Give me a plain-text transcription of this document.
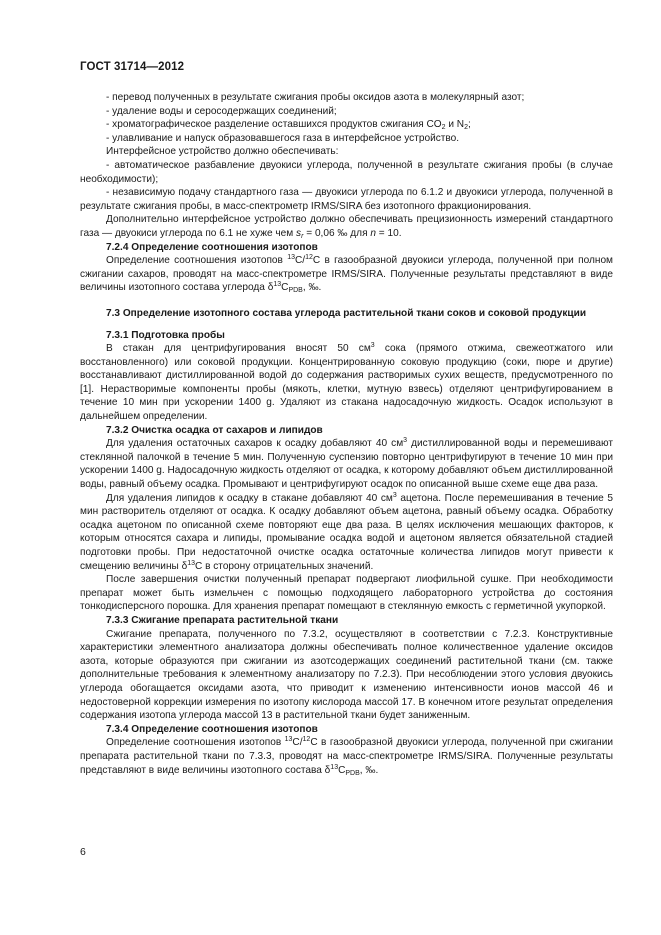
ГОСТ 31714—2012

- перевод полученных в результате сжигания пробы оксидов азота в молекулярный азот;

- удаление воды и сероcодержащих соединений;

- хроматографическое разделение оставшихся продуктов сжигания $CO_2$ и $N_2$;

- улавливание и напуск образовавшегося газа в интерфейсное устройство.

Интерфейсное устройство должно обеспечивать:

- автоматическое разбавление двуокиси углерода, полученной в результате сжигания пробы (в случае необходимости);

- независимую подачу стандартного газа — двуокиси углерода по 6.1.2 и двуокиси углерода, полученной в результате сжигания пробы, в масс-спектрометр IRMS/SIRA без изотопного фракционирования.

Дополнительно интерфейсное устройство должно обеспечивать прецизионность измерений стандартного газа — двуокиси углерода по 6.1 не хуже чем $s_r = 0,06$ ‰ для n = 10.

7.2.4 Определение соотношения изотопов

Определение соотношения изотопов $^{13}$C/$^{12}$C в газообразной двуокиси углерода, полученной при полном сжигании сахаров, проводят на масс-спектрометре IRMS/SIRA. Полученные результаты представляют в виде величины изотопного состава углерода $\delta^{13}C_{PDB}$, ‰.

7.3 Определение изотопного состава углерода растительной ткани соков и соковой продукции

7.3.1 Подготовка пробы

В стакан для центрифугирования вносят 50 $см^3$ сока (прямого отжима, свежеотжатого или восстановленного) или соковой продукции. Концентрированную соковую продукцию (соки, пюре и другие) восстанавливают дистиллированной водой до содержания растворимых сухих веществ, предусмотренного по [1]. Нерастворимые компоненты пробы (мякоть, клетки, мутную взвесь) отделяют центрифугированием в течение 10 мин при ускорении 1400 g. Удаляют из стакана надосадочную жидкость. Осадок используют в дальнейшем определении.

7.3.2 Очистка осадка от сахаров и липидов

Для удаления остаточных сахаров к осадку добавляют 40 $см^3$ дистиллированной воды и перемешивают стеклянной палочкой в течение 5 мин. Полученную суспензию повторно центрифугируют в течение 10 мин при ускорении 1400 g. Надосадочную жидкость отделяют от осадка, к которому добавляют объем дистиллированной воды, равный объему осадка. Промывают и центрифугируют осадок по описанной выше схеме еще два раза.

Для удаления липидов к осадку в стакане добавляют 40 $см^3$ ацетона. После перемешивания в течение 5 мин растворитель отделяют от осадка. К осадку добавляют объем ацетона, равный объему осадка. Обработку осадка ацетоном по описанной схеме повторяют еще два раза. В целях исключения мешающих факторов, к которым относятся сахара и липиды, промывание осадка водой и ацетоном является обязательной стадией подготовки пробы. При недостаточной очистке осадка остаточные количества липидов могут привести к смещению величины $\delta^{13}C$ в сторону отрицательных значений.

После завершения очистки полученный препарат подвергают лиофильной сушке. При необходимости препарат может быть измельчен с помощью подходящего лабораторного устройства до состояния тонкодисперсного порошка. Для хранения препарат помещают в стеклянную емкость с герметичной укупоркой.

7.3.3 Сжигание препарата растительной ткани

Сжигание препарата, полученного по 7.3.2, осуществляют в соответствии с 7.2.3. Конструктивные характеристики элементного анализатора должны обеспечивать полное количественное удаление оксидов азота, которые образуются при сжигании из азотсодержащих соединений растительной ткани (см. также дополнительные требования к элементному анализатору по 7.2.3). При несоблюдении этого условия двуокись углерода обогащается оксидами азота, что приводит к изменению интенсивности ионов массой 46 и недостоверной коррекции измерения по изотопу кислорода массой 17. В конечном итоге результат определения содержания изотопа углерода массой 13 в растительной ткани будет заниженным.

7.3.4 Определение соотношения изотопов

Определение соотношения изотопов $^{13}$C/$^{12}$C в газообразной двуокиси углерода, полученной при сжигании препарата растительной ткани по 7.3.3, проводят на масс-спектрометре IRMS/SIRA. Полученные результаты представляют в виде величины изотопного состава $\delta^{13}C_{PDB}$, ‰.

6
